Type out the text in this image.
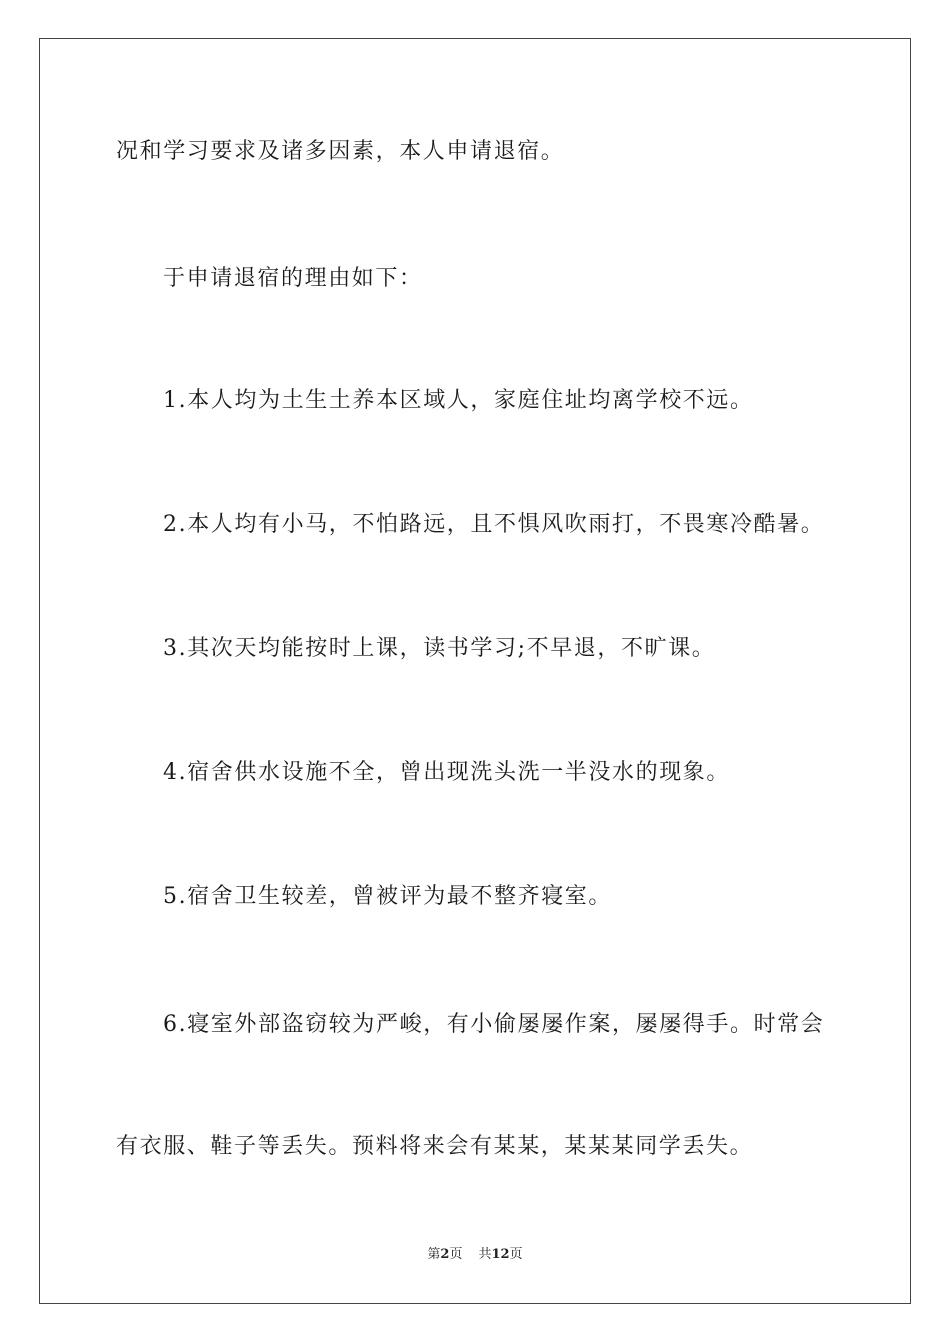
况和学习要求及诸多因素，本人申请退宿。
于申请退宿的理由如下：
1.本人均为土生土养本区域人，家庭住址均离学校不远。
2.本人均有小马，不怕路远，且不惧风吹雨打，不畏寒冷酷暑。
3.其次天均能按时上课，读书学习;不早退，不旷课。
4.宿舍供水设施不全，曾出现洗头洗一半没水的现象。
5.宿舍卫生较差，曾被评为最不整齐寝室。
6.寝室外部盗窃较为严峻，有小偷屡屡作案，屡屡得手。时常会
有衣服、鞋子等丢失。预料将来会有某某，某某某同学丢失。
第2页 共12页
